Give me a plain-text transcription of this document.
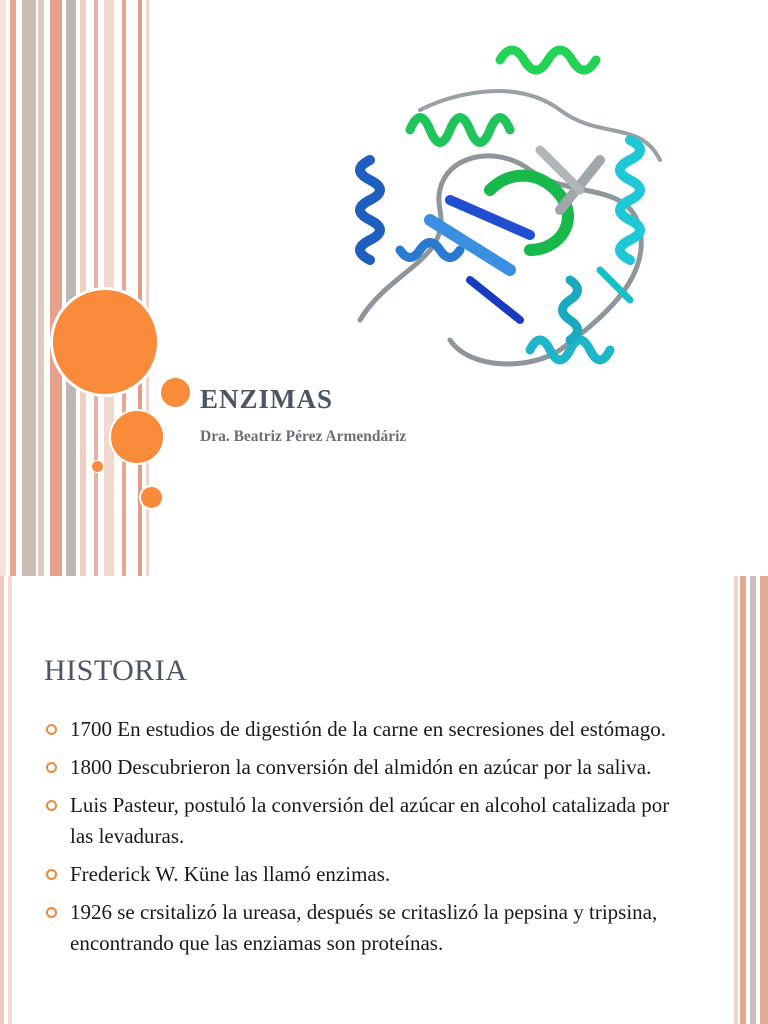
ENZIMAS

Dra. Beatriz Pérez Armendáriz

HISTORIA
1700 En estudios de digestión de la carne en secresiones del estómago.
1800 Descubrieron la conversión del almidón en azúcar por la saliva.
Luis Pasteur, postuló la conversión del azúcar en alcohol catalizada por las levaduras.
Frederick W. Küne las llamó enzimas.
1926 se crsitalizó la ureasa, después se critaslizó la pepsina y tripsina, encontrando que las enziamas son proteínas.
